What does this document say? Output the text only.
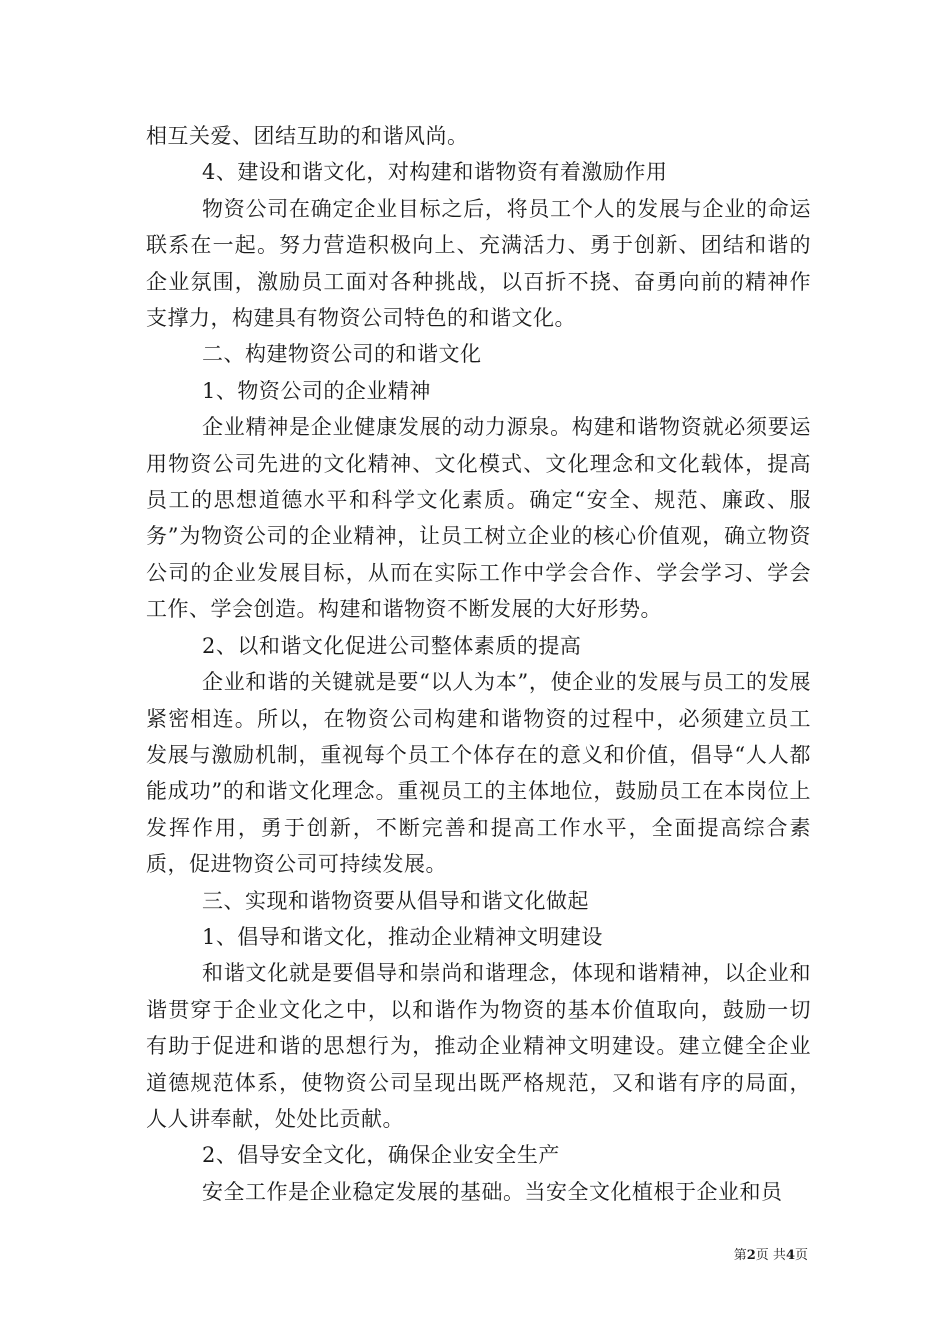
相互关爱、团结互助的和谐风尚。

4、建设和谐文化，对构建和谐物资有着激励作用

物资公司在确定企业目标之后，将员工个人的发展与企业的命运联系在一起。努力营造积极向上、充满活力、勇于创新、团结和谐的企业氛围，激励员工面对各种挑战，以百折不挠、奋勇向前的精神作支撑力，构建具有物资公司特色的和谐文化。

二、构建物资公司的和谐文化

1、物资公司的企业精神

企业精神是企业健康发展的动力源泉。构建和谐物资就必须要运用物资公司先进的文化精神、文化模式、文化理念和文化载体，提高员工的思想道德水平和科学文化素质。确定“安全、规范、廉政、服务”为物资公司的企业精神，让员工树立企业的核心价值观，确立物资公司的企业发展目标，从而在实际工作中学会合作、学会学习、学会工作、学会创造。构建和谐物资不断发展的大好形势。

2、以和谐文化促进公司整体素质的提高

企业和谐的关键就是要“以人为本”，使企业的发展与员工的发展紧密相连。所以，在物资公司构建和谐物资的过程中，必须建立员工发展与激励机制，重视每个员工个体存在的意义和价值，倡导“人人都能成功”的和谐文化理念。重视员工的主体地位，鼓励员工在本岗位上发挥作用，勇于创新，不断完善和提高工作水平，全面提高综合素质，促进物资公司可持续发展。

三、实现和谐物资要从倡导和谐文化做起

1、倡导和谐文化，推动企业精神文明建设

和谐文化就是要倡导和崇尚和谐理念，体现和谐精神，以企业和谐贯穿于企业文化之中，以和谐作为物资的基本价值取向，鼓励一切有助于促进和谐的思想行为，推动企业精神文明建设。建立健全企业道德规范体系，使物资公司呈现出既严格规范，又和谐有序的局面，人人讲奉献，处处比贡献。

2、倡导安全文化，确保企业安全生产

安全工作是企业稳定发展的基础。当安全文化植根于企业和员

第2页 共4页
